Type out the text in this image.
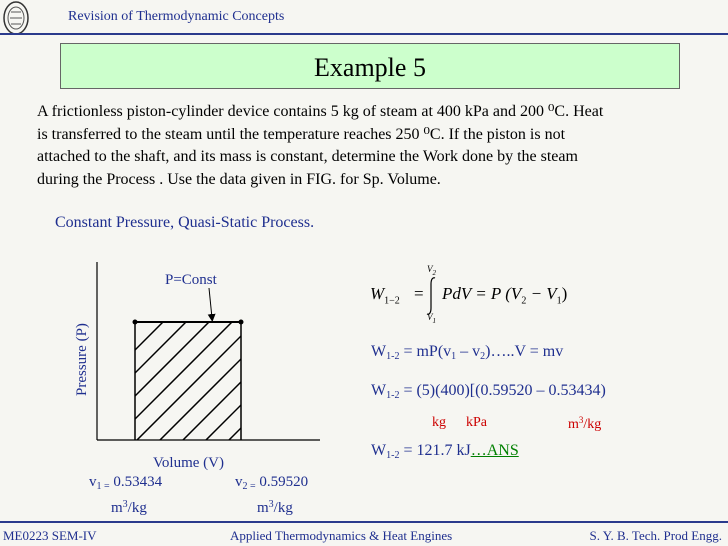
Revision of Thermodynamic Concepts
Example 5

A frictionless piston-cylinder device contains 5 kg of steam at 400 kPa and 200 ⁰C. Heat

is transferred to the steam until the temperature reaches 250 ⁰C. If the piston is not

attached to the shaft, and its mass is constant, determine the Work done by the steam

during the Process . Use the data given in FIG. for Sp. Volume.

Constant Pressure, Quasi-Static Process.
P=Const
Volume (V)
Pressure (P)
$v_{1 =}$ 0.53434	$v_{2 =}$ 0.59520
$m^3/kg$	$m^3/kg$
$W_{1-2}$ =
$V_2$
$V_1$
PdV = P $(V_2 - V_1)$
$W_{1-2} = mP(v_1$ – $v_2)\dots..V$ = mv
$W_{1-2} = (5)(400)[(0.59520 - 0.53434)$
kg kPa	$m^3/kg$
$W_{1-2} = 121.7$ kJ…ANS
ME0223 SEM-IV	Applied Thermodynamics & Heat Engines	S. Y. B. Tech. Prod Engg.
